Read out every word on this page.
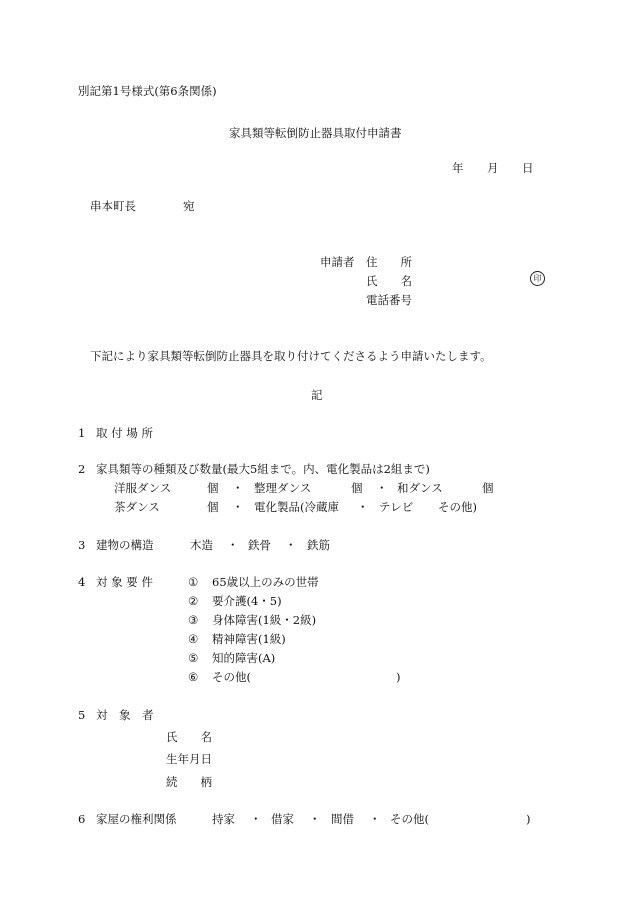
別記第1号様式(第6条関係)
家具類等転倒防止器具取付申請書
年 月 日
串本町長	宛
申請者 住　　所
氏　　名	印
電話番号
下記により家具類等転倒防止器具を取り付けてくださるよう申請いたします。
記
1 取 付 場 所
2 家具類等の種類及び数量(最大5組まで。内、電化製品は2組まで)
洋服ダンス	個 ・ 整理ダンス	個 ・ 和ダンス	個
茶ダンス	個 ・ 電化製品(冷蔵庫 ・ テレビ その他)
3 建物の構造	木造 ・ 鉄骨 ・ 鉄筋
4 対 象 要 件	① 65歳以上のみの世帯
② 要介護(4・5)
③ 身体障害(1級・2級)
④ 精神障害(1級)
⑤ 知的障害(A)
⑥ その他(	)
5 対　象　者
氏　　名
生年月日
続　　柄
6 家屋の権利関係	持家 ・ 借家 ・ 間借 ・ その他(	)
